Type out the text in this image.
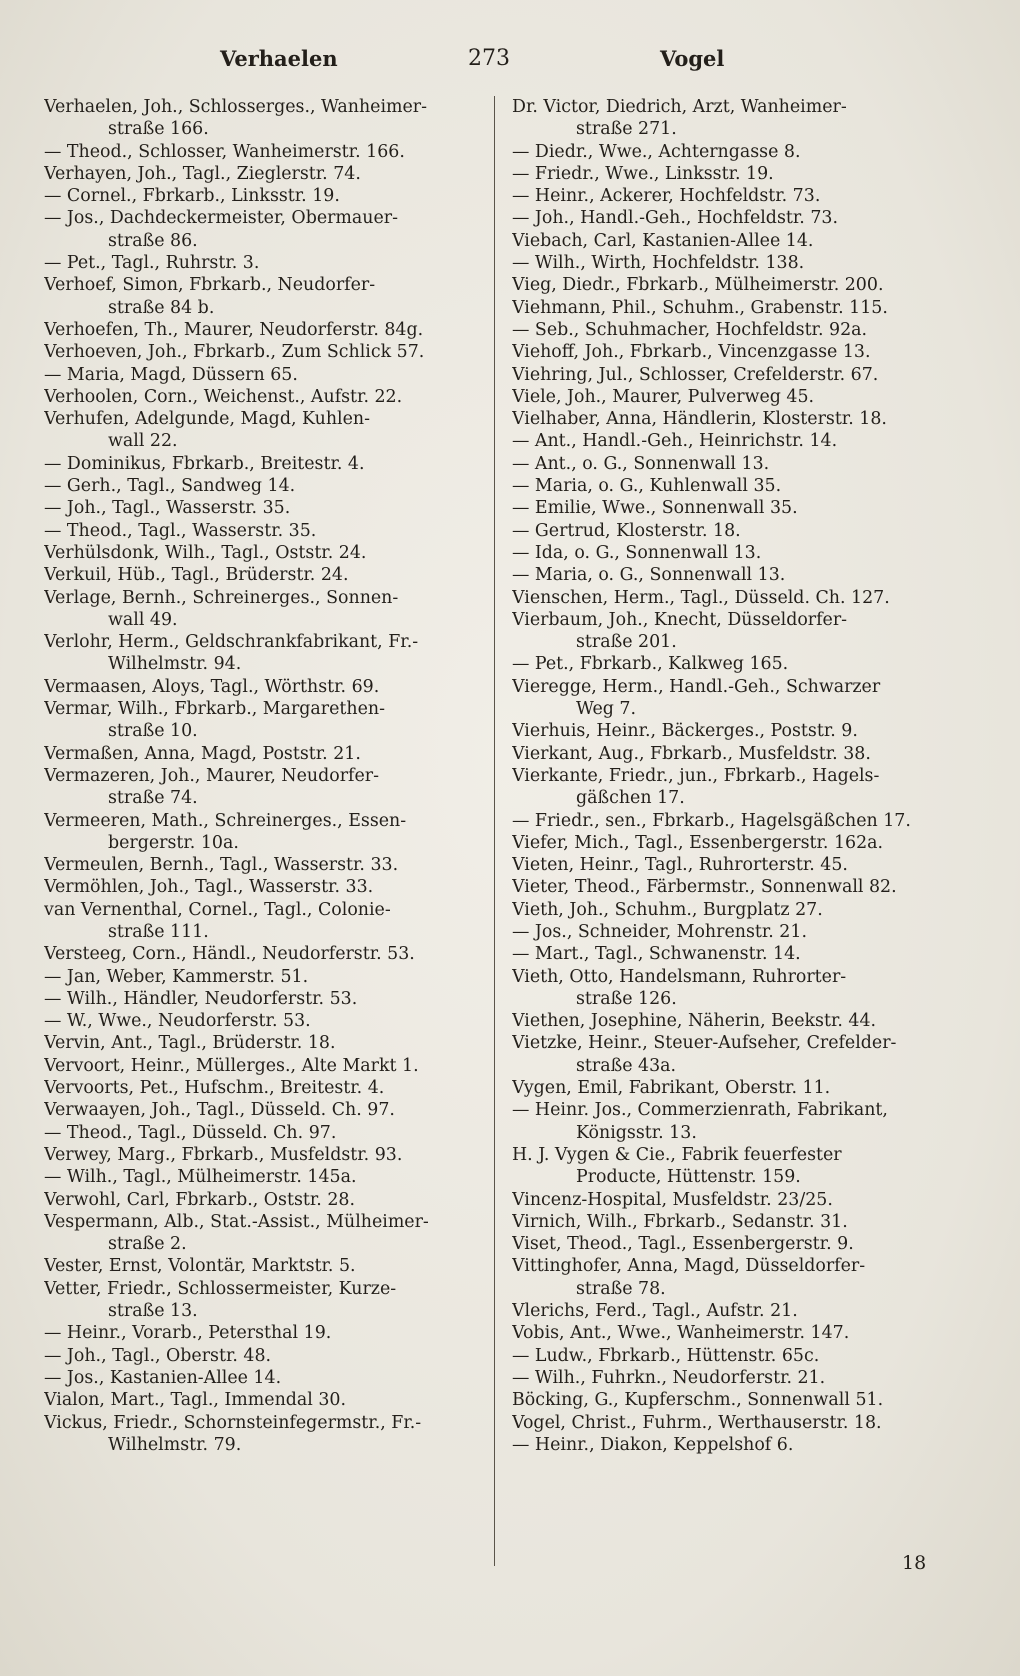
Verhaelen	273	Vogel
Verhaelen, Joh., Schlosserges., Wanheimer-
straße 166.
— Theod., Schlosser, Wanheimerstr. 166.
Verhayen, Joh., Tagl., Zieglerstr. 74.
— Cornel., Fbrkarb., Linksstr. 19.
— Jos., Dachdeckermeister, Obermauer-
straße 86.
— Pet., Tagl., Ruhrstr. 3.
Verhoef, Simon, Fbrkarb., Neudorfer-
straße 84 b.
Verhoefen, Th., Maurer, Neudorferstr. 84g.
Verhoeven, Joh., Fbrkarb., Zum Schlick 57.
— Maria, Magd, Düssern 65.
Verhoolen, Corn., Weichenst., Aufstr. 22.
Verhufen, Adelgunde, Magd, Kuhlen-
wall 22.
— Dominikus, Fbrkarb., Breitestr. 4.
— Gerh., Tagl., Sandweg 14.
— Joh., Tagl., Wasserstr. 35.
— Theod., Tagl., Wasserstr. 35.
Verhülsdonk, Wilh., Tagl., Oststr. 24.
Verkuil, Hüb., Tagl., Brüderstr. 24.
Verlage, Bernh., Schreinerges., Sonnen-
wall 49.
Verlohr, Herm., Geldschrankfabrikant, Fr.-
Wilhelmstr. 94.
Vermaasen, Aloys, Tagl., Wörthstr. 69.
Vermar, Wilh., Fbrkarb., Margarethen-
straße 10.
Vermaßen, Anna, Magd, Poststr. 21.
Vermazeren, Joh., Maurer, Neudorfer-
straße 74.
Vermeeren, Math., Schreinerges., Essen-
bergerstr. 10a.
Vermeulen, Bernh., Tagl., Wasserstr. 33.
Vermöhlen, Joh., Tagl., Wasserstr. 33.
van Vernenthal, Cornel., Tagl., Colonie-
straße 111.
Versteeg, Corn., Händl., Neudorferstr. 53.
— Jan, Weber, Kammerstr. 51.
— Wilh., Händler, Neudorferstr. 53.
— W., Wwe., Neudorferstr. 53.
Vervin, Ant., Tagl., Brüderstr. 18.
Vervoort, Heinr., Müllerges., Alte Markt 1.
Vervoorts, Pet., Hufschm., Breitestr. 4.
Verwaayen, Joh., Tagl., Düsseld. Ch. 97.
— Theod., Tagl., Düsseld. Ch. 97.
Verwey, Marg., Fbrkarb., Musfeldstr. 93.
— Wilh., Tagl., Mülheimerstr. 145a.
Verwohl, Carl, Fbrkarb., Oststr. 28.
Vespermann, Alb., Stat.-Assist., Mülheimer-
straße 2.
Vester, Ernst, Volontär, Marktstr. 5.
Vetter, Friedr., Schlossermeister, Kurze-
straße 13.
— Heinr., Vorarb., Petersthal 19.
— Joh., Tagl., Oberstr. 48.
— Jos., Kastanien-Allee 14.
Vialon, Mart., Tagl., Immendal 30.
Vickus, Friedr., Schornsteinfegermstr., Fr.-
Wilhelmstr. 79.
Dr. Victor, Diedrich, Arzt, Wanheimer-
straße 271.
— Diedr., Wwe., Achterngasse 8.
— Friedr., Wwe., Linksstr. 19.
— Heinr., Ackerer, Hochfeldstr. 73.
— Joh., Handl.-Geh., Hochfeldstr. 73.
Viebach, Carl, Kastanien-Allee 14.
— Wilh., Wirth, Hochfeldstr. 138.
Vieg, Diedr., Fbrkarb., Mülheimerstr. 200.
Viehmann, Phil., Schuhm., Grabenstr. 115.
— Seb., Schuhmacher, Hochfeldstr. 92a.
Viehoff, Joh., Fbrkarb., Vincenzgasse 13.
Viehring, Jul., Schlosser, Crefelderstr. 67.
Viele, Joh., Maurer, Pulverweg 45.
Vielhaber, Anna, Händlerin, Klosterstr. 18.
— Ant., Handl.-Geh., Heinrichstr. 14.
— Ant., o. G., Sonnenwall 13.
— Maria, o. G., Kuhlenwall 35.
— Emilie, Wwe., Sonnenwall 35.
— Gertrud, Klosterstr. 18.
— Ida, o. G., Sonnenwall 13.
— Maria, o. G., Sonnenwall 13.
Vienschen, Herm., Tagl., Düsseld. Ch. 127.
Vierbaum, Joh., Knecht, Düsseldorfer-
straße 201.
— Pet., Fbrkarb., Kalkweg 165.
Vieregge, Herm., Handl.-Geh., Schwarzer
Weg 7.
Vierhuis, Heinr., Bäckerges., Poststr. 9.
Vierkant, Aug., Fbrkarb., Musfeldstr. 38.
Vierkante, Friedr., jun., Fbrkarb., Hagels-
gäßchen 17.
— Friedr., sen., Fbrkarb., Hagelsgäßchen 17.
Viefer, Mich., Tagl., Essenbergerstr. 162a.
Vieten, Heinr., Tagl., Ruhrorterstr. 45.
Vieter, Theod., Färbermstr., Sonnenwall 82.
Vieth, Joh., Schuhm., Burgplatz 27.
— Jos., Schneider, Mohrenstr. 21.
— Mart., Tagl., Schwanenstr. 14.
Vieth, Otto, Handelsmann, Ruhrorter-
straße 126.
Viethen, Josephine, Näherin, Beekstr. 44.
Vietzke, Heinr., Steuer-Aufseher, Crefelder-
straße 43a.
Vygen, Emil, Fabrikant, Oberstr. 11.
— Heinr. Jos., Commerzienrath, Fabrikant,
Königsstr. 13.
H. J. Vygen & Cie., Fabrik feuerfester
Producte, Hüttenstr. 159.
Vincenz-Hospital, Musfeldstr. 23/25.
Virnich, Wilh., Fbrkarb., Sedanstr. 31.
Viset, Theod., Tagl., Essenbergerstr. 9.
Vittinghofer, Anna, Magd, Düsseldorfer-
straße 78.
Vlerichs, Ferd., Tagl., Aufstr. 21.
Vobis, Ant., Wwe., Wanheimerstr. 147.
— Ludw., Fbrkarb., Hüttenstr. 65c.
— Wilh., Fuhrkn., Neudorferstr. 21.
Böcking, G., Kupferschm., Sonnenwall 51.
Vogel, Christ., Fuhrm., Werthauserstr. 18.
— Heinr., Diakon, Keppelshof 6.
18
